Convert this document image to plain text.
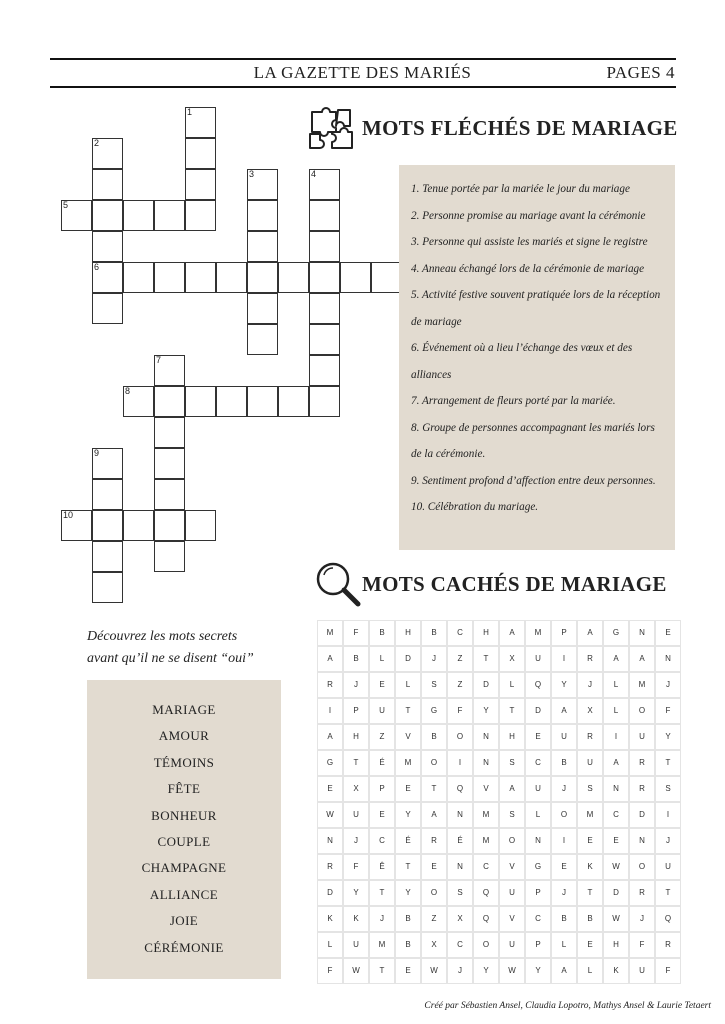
LA GAZETTE DES MARIÉS	PAGES 4
MOTS FLÉCHÉS DE MARIAGE
1
2
3	4
5
6
7
8
9
10

1. Tenue portée par la mariée le jour du mariage

2. Personne promise au mariage avant la cérémonie

3. Personne qui assiste les mariés et signe le registre

4. Anneau échangé lors de la cérémonie de mariage

5. Activité festive souvent pratiquée lors de la réception de mariage

6. Événement où a lieu l’échange des vœux et des alliances

7. Arrangement de fleurs porté par la mariée.

8. Groupe de personnes accompagnant les mariés lors de la cérémonie.

9. Sentiment profond d’affection entre deux personnes.

10. Célébration du mariage.

MOTS CACHÉS DE MARIAGE
Découvrez les mots secrets
avant qu’il ne se disent “oui”
MARIAGE
AMOUR
TÉMOINS
FÊTE
BONHEUR
COUPLE
CHAMPAGNE
ALLIANCE
JOIE
CÉRÉMONIE
M	F	B	H	B	C	H	A	M	P	A	G	N	E
A	B	L	D	J	Z	T	X	U	I	R	A	A	N
R	J	E	L	S	Z	D	L	Q	Y	J	L	M	J
I	P	U	T	G	F	Y	T	D	A	X	L	O	F
A	H	Z	V	B	O	N	H	E	U	R	I	U	Y
G	T	É	M	O	I	N	S	C	B	U	A	R	T
E	X	P	E	T	Q	V	A	U	J	S	N	R	S
W	U	E	Y	A	N	M	S	L	O	M	C	D	I
N	J	C	É	R	É	M	O	N	I	E	E	N	J
R	F	Ê	T	E	N	C	V	G	E	K	W	O	U
D	Y	T	Y	O	S	Q	U	P	J	T	D	R	T
K	K	J	B	Z	X	Q	V	C	B	B	W	J	Q
L	U	M	B	X	C	O	U	P	L	E	H	F	R
F	W	T	E	W	J	Y	W	Y	A	L	K	U	F
Créé par Sébastien Ansel, Claudia Lopotro, Mathys Ansel & Laurie Tetaert
